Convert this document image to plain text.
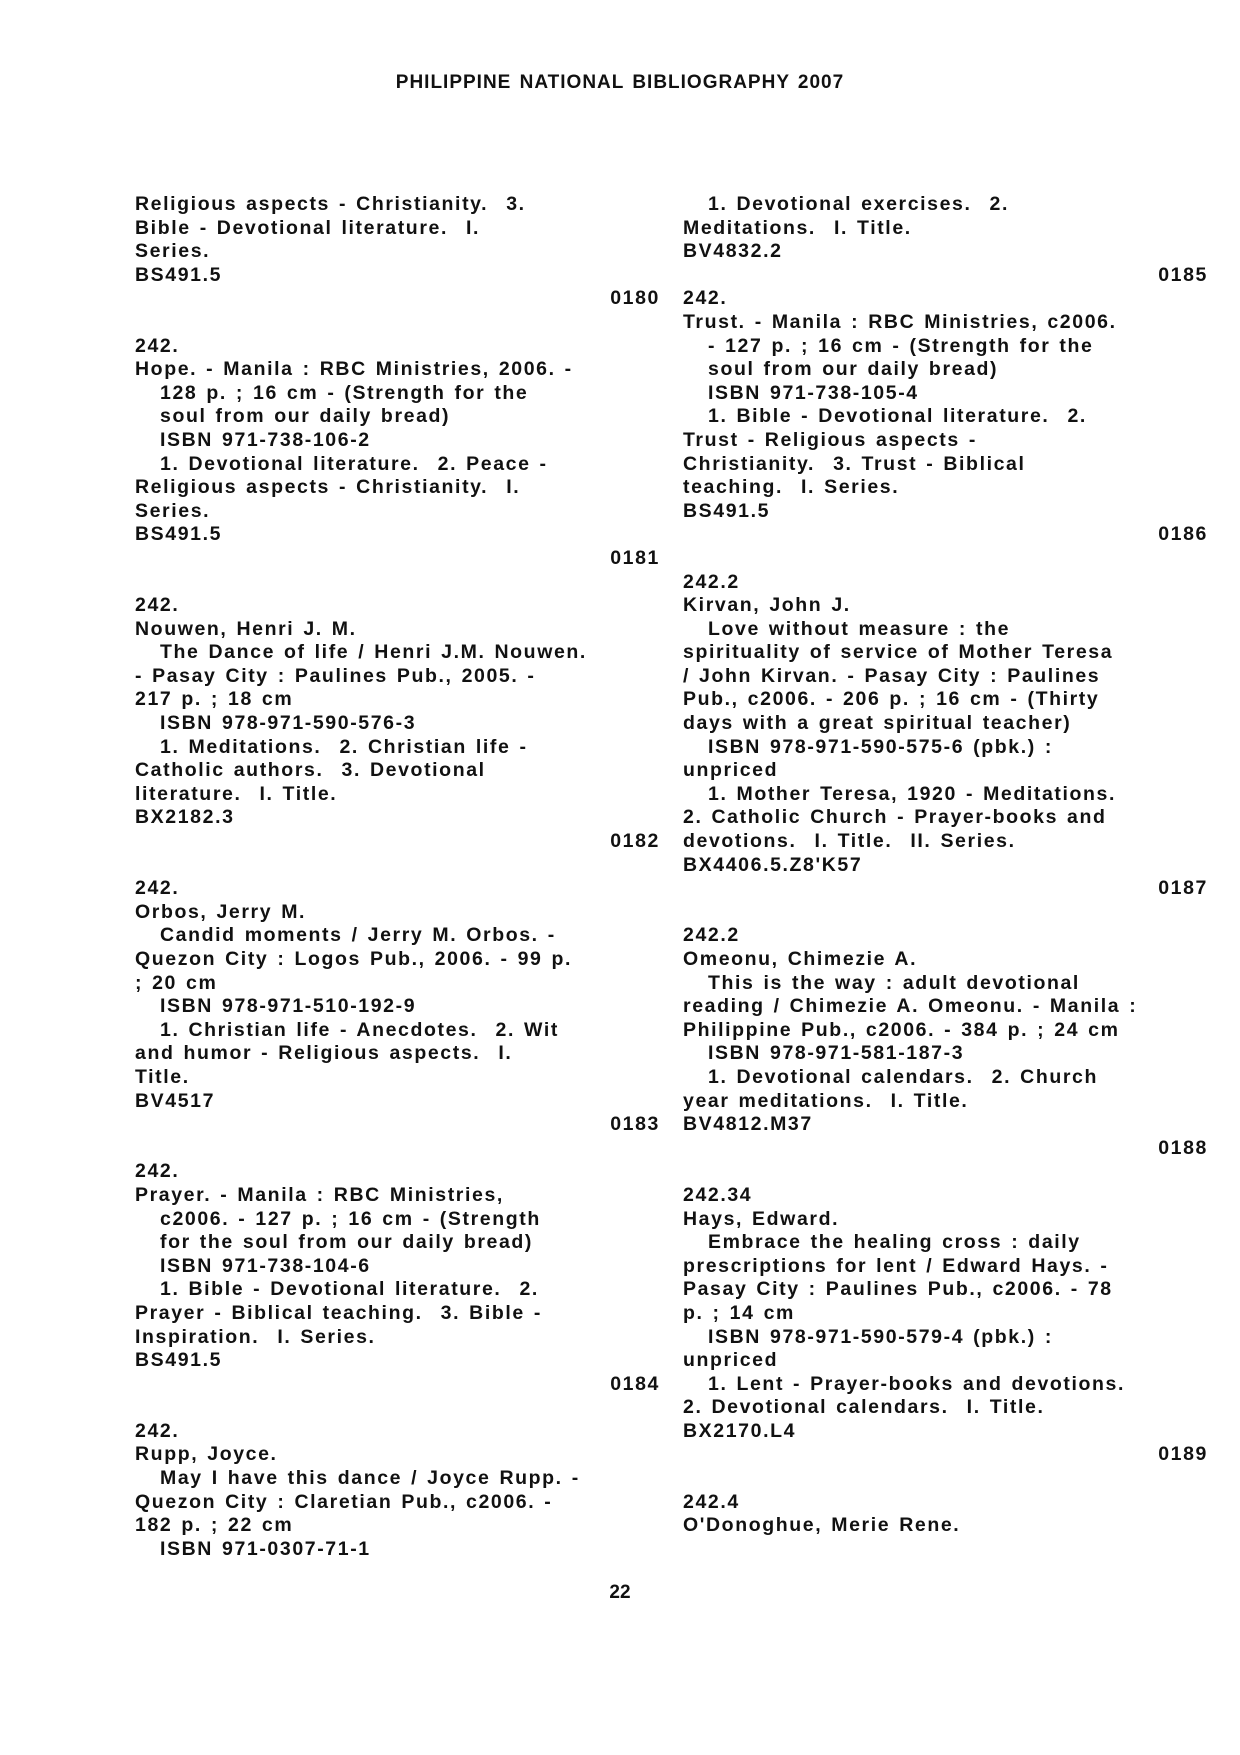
PHILIPPINE NATIONAL BIBLIOGRAPHY 2007
Religious aspects - Christianity.  3.
Bible - Devotional literature.  I.
Series.
BS491.5
0180
242.
Hope. - Manila : RBC Ministries, 2006. -
128 p. ; 16 cm - (Strength for the
soul from our daily bread)
ISBN 971-738-106-2
1. Devotional literature.  2. Peace -
Religious aspects - Christianity.  I.
Series.
BS491.5
0181
242.
Nouwen, Henri J. M.
The Dance of life / Henri J.M. Nouwen.
- Pasay City : Paulines Pub., 2005. -
217 p. ; 18 cm
ISBN 978-971-590-576-3
1. Meditations.  2. Christian life -
Catholic authors.  3. Devotional
literature.  I. Title.
BX2182.3
0182
242.
Orbos, Jerry M.
Candid moments / Jerry M. Orbos. -
Quezon City : Logos Pub., 2006. - 99 p.
; 20 cm
ISBN 978-971-510-192-9
1. Christian life - Anecdotes.  2. Wit
and humor - Religious aspects.  I.
Title.
BV4517
0183
242.
Prayer. - Manila : RBC Ministries,
c2006. - 127 p. ; 16 cm - (Strength
for the soul from our daily bread)
ISBN 971-738-104-6
1. Bible - Devotional literature.  2.
Prayer - Biblical teaching.  3. Bible -
Inspiration.  I. Series.
BS491.5
0184
242.
Rupp, Joyce.
May I have this dance / Joyce Rupp. -
Quezon City : Claretian Pub., c2006. -
182 p. ; 22 cm
ISBN 971-0307-71-1
1. Devotional exercises.  2.
Meditations.  I. Title.
BV4832.2
0185
242.
Trust. - Manila : RBC Ministries, c2006.
- 127 p. ; 16 cm - (Strength for the
soul from our daily bread)
ISBN 971-738-105-4
1. Bible - Devotional literature.  2.
Trust - Religious aspects -
Christianity.  3. Trust - Biblical
teaching.  I. Series.
BS491.5
0186
242.2
Kirvan, John J.
Love without measure : the
spirituality of service of Mother Teresa
/ John Kirvan. - Pasay City : Paulines
Pub., c2006. - 206 p. ; 16 cm - (Thirty
days with a great spiritual teacher)
ISBN 978-971-590-575-6 (pbk.) :
unpriced
1. Mother Teresa, 1920 - Meditations.
2. Catholic Church - Prayer-books and
devotions.  I. Title.  II. Series.
BX4406.5.Z8'K57
0187
242.2
Omeonu, Chimezie A.
This is the way : adult devotional
reading / Chimezie A. Omeonu. - Manila :
Philippine Pub., c2006. - 384 p. ; 24 cm
ISBN 978-971-581-187-3
1. Devotional calendars.  2. Church
year meditations.  I. Title.
BV4812.M37
0188
242.34
Hays, Edward.
Embrace the healing cross : daily
prescriptions for lent / Edward Hays. -
Pasay City : Paulines Pub., c2006. - 78
p. ; 14 cm
ISBN 978-971-590-579-4 (pbk.) :
unpriced
1. Lent - Prayer-books and devotions.
2. Devotional calendars.  I. Title.
BX2170.L4
0189
242.4
O'Donoghue, Merie Rene.
22
